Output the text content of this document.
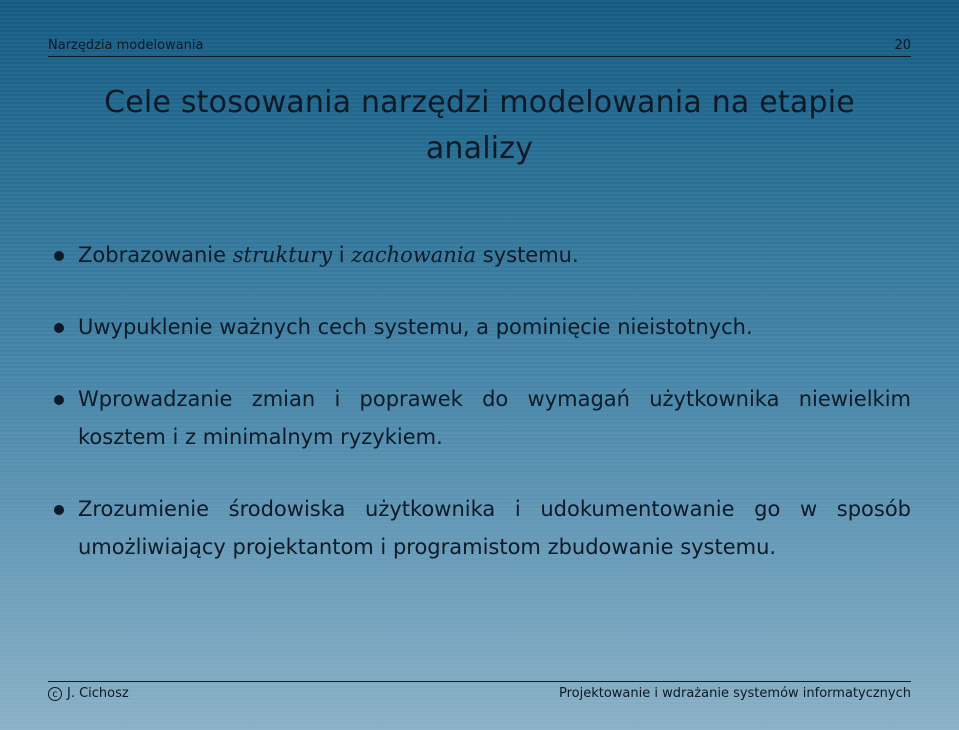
Narzędzia modelowania	20
Cele stosowania narzędzi modelowania na etapie analizy
Zobrazowanie struktury i zachowania systemu.
Uwypuklenie ważnych cech systemu, a pominięcie nieistotnych.
Wprowadzanie zmian i poprawek do wymagań użytkownika niewielkim kosztem i z minimalnym ryzykiem.
Zrozumienie środowiska użytkownika i udokumentowanie go w sposób umożliwiający projektantom i programistom zbudowanie systemu.
c J. Cichosz	Projektowanie i wdrażanie systemów informatycznych
